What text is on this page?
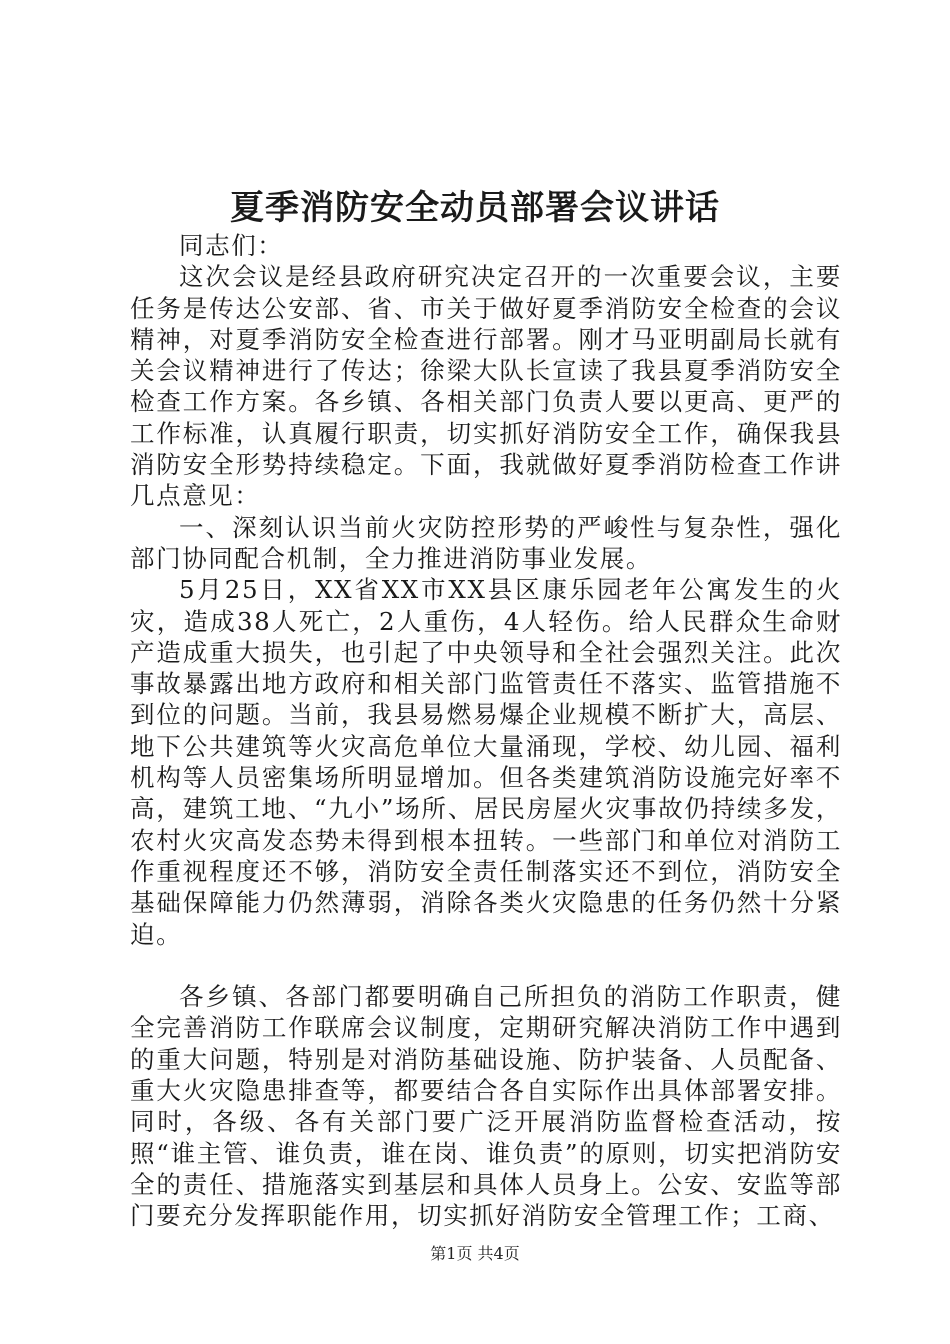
夏季消防安全动员部署会议讲话

同志们：

这次会议是经县政府研究决定召开的一次重要会议，主要任务是传达公安部、省、市关于做好夏季消防安全检查的会议精神，对夏季消防安全检查进行部署。刚才马亚明副局长就有关会议精神进行了传达；徐梁大队长宣读了我县夏季消防安全检查工作方案。各乡镇、各相关部门负责人要以更高、更严的工作标准，认真履行职责，切实抓好消防安全工作，确保我县消防安全形势持续稳定。下面，我就做好夏季消防检查工作讲几点意见：

一、深刻认识当前火灾防控形势的严峻性与复杂性，强化部门协同配合机制，全力推进消防事业发展。

5月25日，XX省XX市XX县区康乐园老年公寓发生的火灾，造成38人死亡，2人重伤，4人轻伤。给人民群众生命财产造成重大损失，也引起了中央领导和全社会强烈关注。此次事故暴露出地方政府和相关部门监管责任不落实、监管措施不到位的问题。当前，我县易燃易爆企业规模不断扩大，高层、地下公共建筑等火灾高危单位大量涌现，学校、幼儿园、福利机构等人员密集场所明显增加。但各类建筑消防设施完好率不高，建筑工地、“九小”场所、居民房屋火灾事故仍持续多发，农村火灾高发态势未得到根本扭转。一些部门和单位对消防工作重视程度还不够，消防安全责任制落实还不到位，消防安全基础保障能力仍然薄弱，消除各类火灾隐患的任务仍然十分紧迫。

各乡镇、各部门都要明确自己所担负的消防工作职责，健全完善消防工作联席会议制度，定期研究解决消防工作中遇到的重大问题，特别是对消防基础设施、防护装备、人员配备、重大火灾隐患排查等，都要结合各自实际作出具体部署安排。同时，各级、各有关部门要广泛开展消防监督检查活动，按照“谁主管、谁负责，谁在岗、谁负责”的原则，切实把消防安全的责任、措施落实到基层和具体人员身上。公安、安监等部门要充分发挥职能作用，切实抓好消防安全管理工作；工商、

第1页 共4页
